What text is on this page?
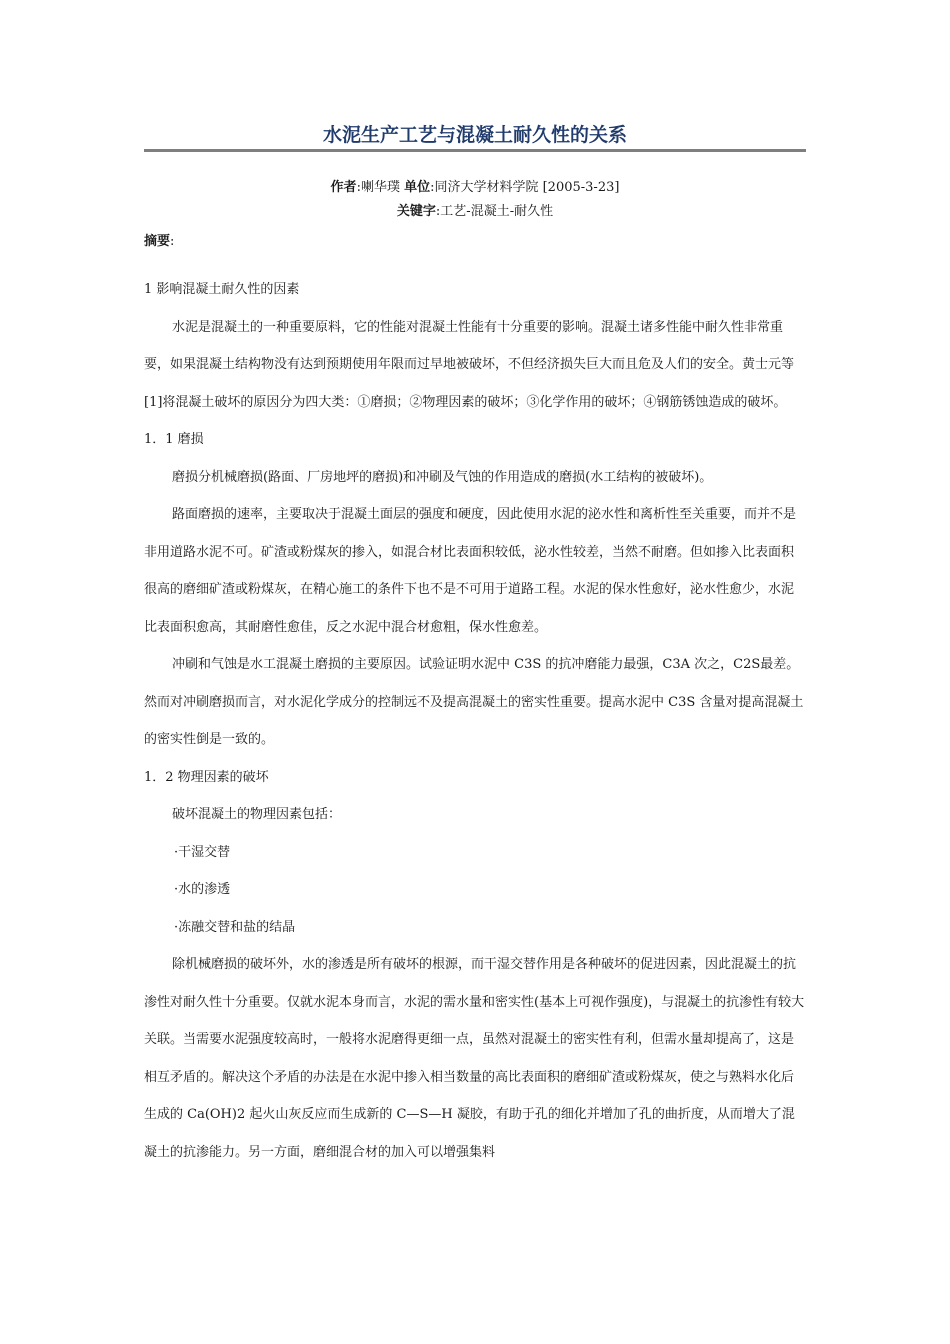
水泥生产工艺与混凝土耐久性的关系
作者:喇华璞 单位:同济大学材料学院 [2005-3-23]
关键字:工艺-混凝土-耐久性
摘要:

1 影响混凝土耐久性的因素

水泥是混凝土的一种重要原料，它的性能对混凝土性能有十分重要的影响。混凝土诸多性能中耐久性非常重要，如果混凝土结构物没有达到预期使用年限而过早地被破坏，不但经济损失巨大而且危及人们的安全。黄士元等[1]将混凝土破坏的原因分为四大类：①磨损；②物理因素的破坏；③化学作用的破坏；④钢筋锈蚀造成的破坏。

1．1 磨损

磨损分机械磨损(路面、厂房地坪的磨损)和冲刷及气蚀的作用造成的磨损(水工结构的被破坏)。

路面磨损的速率，主要取决于混凝土面层的强度和硬度，因此使用水泥的泌水性和离析性至关重要，而并不是非用道路水泥不可。矿渣或粉煤灰的掺入，如混合材比表面积较低，泌水性较差，当然不耐磨。但如掺入比表面积很高的磨细矿渣或粉煤灰，在精心施工的条件下也不是不可用于道路工程。水泥的保水性愈好，泌水性愈少，水泥比表面积愈高，其耐磨性愈佳，反之水泥中混合材愈粗，保水性愈差。

冲刷和气蚀是水工混凝土磨损的主要原因。试验证明水泥中 C3S 的抗冲磨能力最强，C3A 次之，C2S最差。然而对冲刷磨损而言，对水泥化学成分的控制远不及提高混凝土的密实性重要。提高水泥中 C3S 含量对提高混凝土的密实性倒是一致的。

1．2 物理因素的破坏

破坏混凝土的物理因素包括：

·干湿交替

·水的渗透

·冻融交替和盐的结晶

除机械磨损的破坏外，水的渗透是所有破坏的根源，而干湿交替作用是各种破坏的促进因素，因此混凝土的抗渗性对耐久性十分重要。仅就水泥本身而言，水泥的需水量和密实性(基本上可视作强度)，与混凝土的抗渗性有较大关联。当需要水泥强度较高时，一般将水泥磨得更细一点，虽然对混凝土的密实性有利，但需水量却提高了，这是相互矛盾的。解决这个矛盾的办法是在水泥中掺入相当数量的高比表面积的磨细矿渣或粉煤灰，使之与熟料水化后生成的 Ca(OH)2 起火山灰反应而生成新的 C—S—H 凝胶，有助于孔的细化并增加了孔的曲折度，从而增大了混凝土的抗渗能力。另一方面，磨细混合材的加入可以增强集料
